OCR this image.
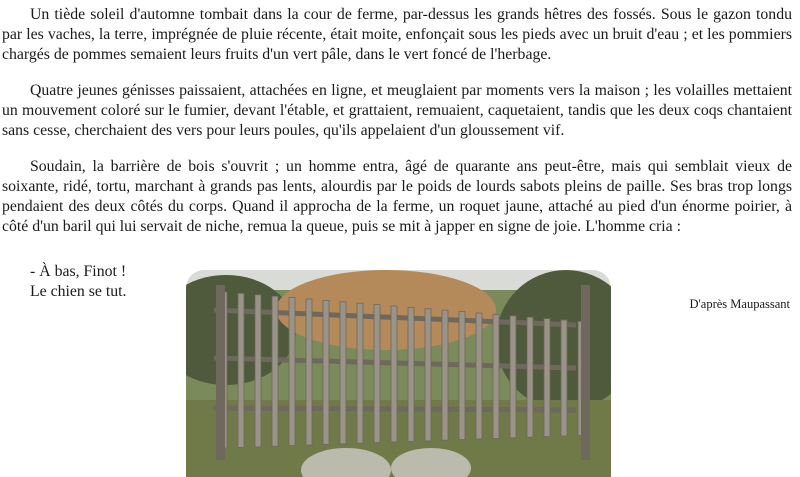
Un tiède soleil d'automne tombait dans la cour de ferme, par-dessus les grands hêtres des fossés. Sous le gazon tondu par les vaches, la terre, imprégnée de pluie récente, était moite, enfonçait sous les pieds avec un bruit d'eau ; et les pommiers chargés de pommes semaient leurs fruits d'un vert pâle, dans le vert foncé de l'herbage.

Quatre jeunes génisses paissaient, attachées en ligne, et meuglaient par moments vers la maison ; les volailles mettaient un mouvement coloré sur le fumier, devant l'étable, et grattaient, remuaient, caquetaient, tandis que les deux coqs chantaient sans cesse, cherchaient des vers pour leurs poules, qu'ils appelaient d'un gloussement vif.

Soudain, la barrière de bois s'ouvrit ; un homme entra, âgé de quarante ans peut-être, mais qui semblait vieux de soixante, ridé, tortu, marchant à grands pas lents, alourdis par le poids de lourds sabots pleins de paille. Ses bras trop longs pendaient des deux côtés du corps. Quand il approcha de la ferme, un roquet jaune, attaché au pied d'un énorme poirier, à côté d'un baril qui lui servait de niche, remua la queue, puis se mit à japper en signe de joie. L'homme cria :

- À bas, Finot !

Le chien se tut.

D'après Maupassant
